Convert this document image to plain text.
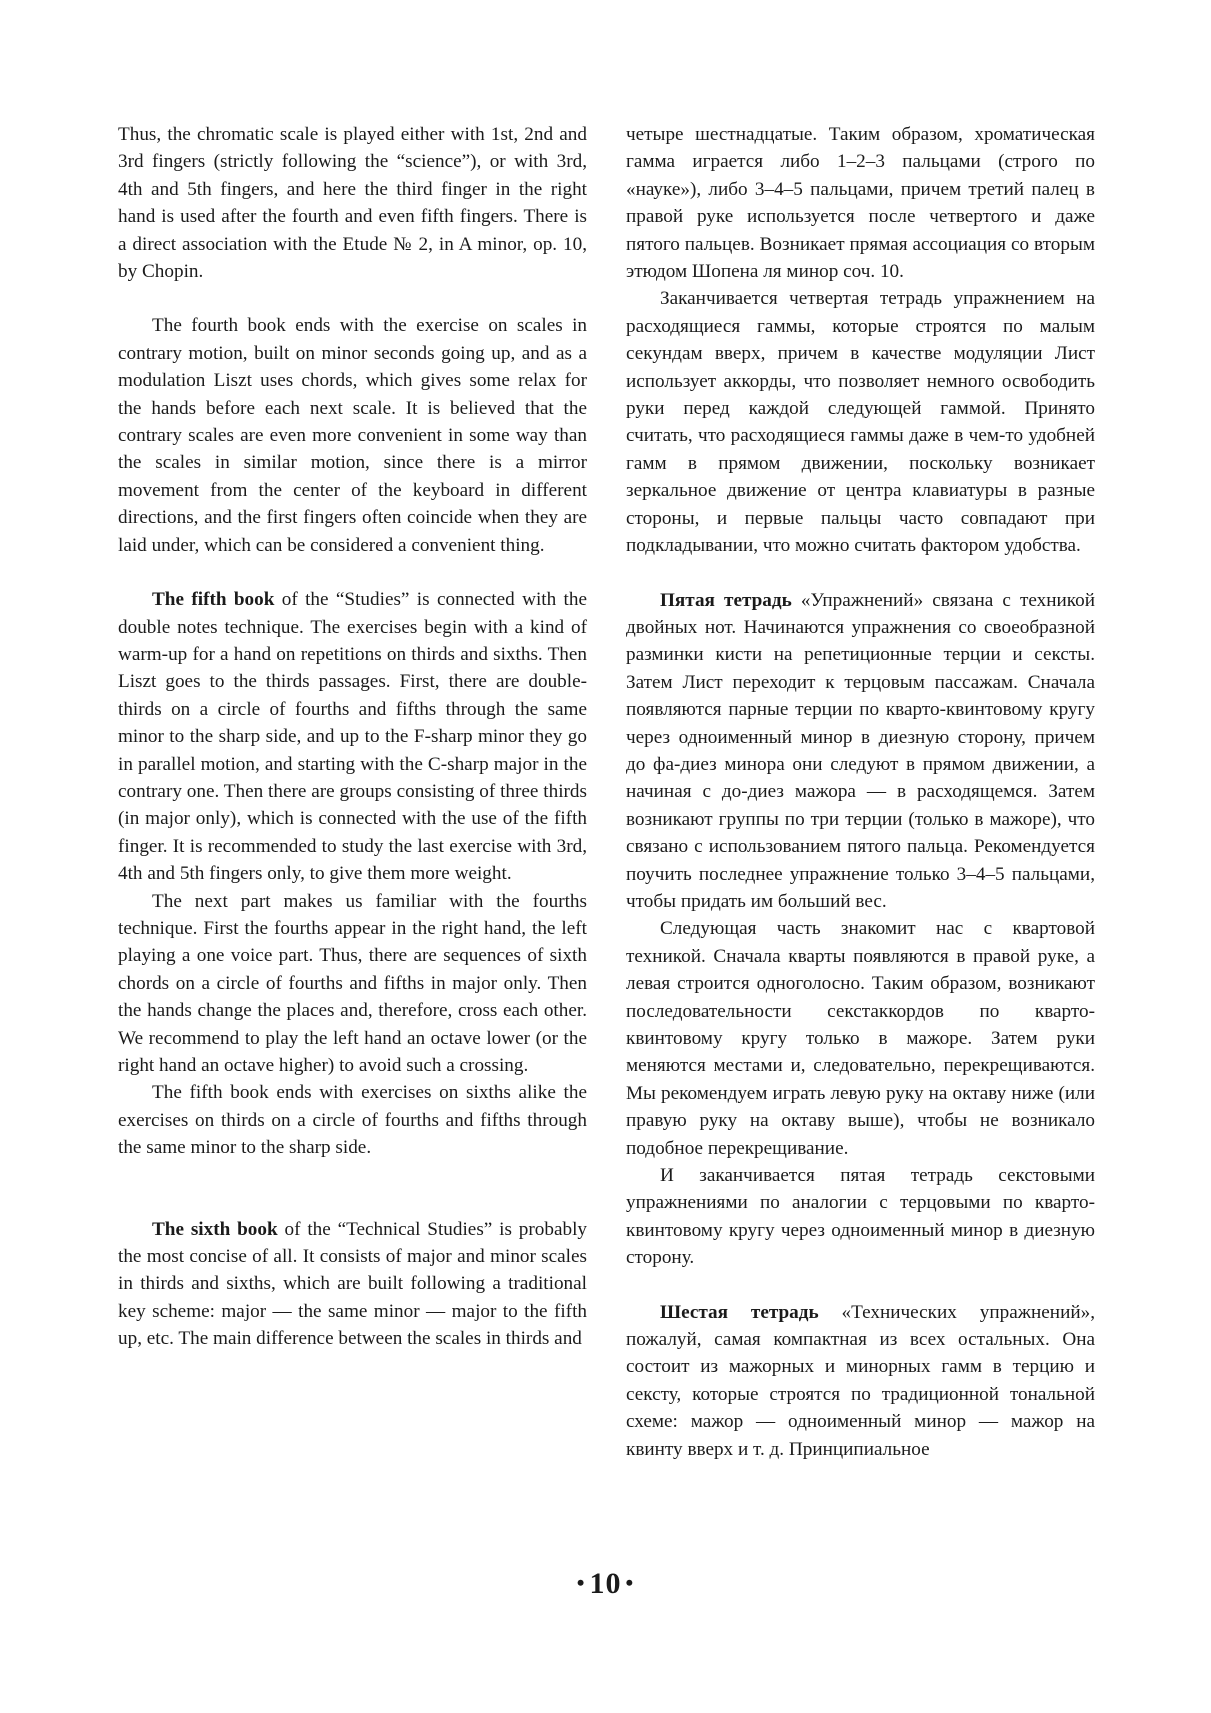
Thus, the chromatic scale is played either with 1st, 2nd and 3rd fingers (strictly following the “science”), or with 3rd, 4th and 5th fingers, and here the third finger in the right hand is used after the fourth and even fifth fingers. There is a direct association with the Etude № 2, in A minor, op. 10, by Chopin.

The fourth book ends with the exercise on scales in contrary motion, built on minor seconds going up, and as a modulation Liszt uses chords, which gives some relax for the hands before each next scale. It is believed that the contrary scales are even more convenient in some way than the scales in similar motion, since there is a mirror movement from the center of the keyboard in different directions, and the first fingers often coincide when they are laid under, which can be considered a convenient thing.

The fifth book of the “Studies” is connected with the double notes technique. The exercises begin with a kind of warm-up for a hand on repetitions on thirds and sixths. Then Liszt goes to the thirds passages. First, there are double-thirds on a circle of fourths and fifths through the same minor to the sharp side, and up to the F-sharp minor they go in parallel motion, and starting with the C-sharp major in the contrary one. Then there are groups consisting of three thirds (in major only), which is connected with the use of the fifth finger. It is recommended to study the last exercise with 3rd, 4th and 5th fingers only, to give them more weight.

The next part makes us familiar with the fourths technique. First the fourths appear in the right hand, the left playing a one voice part. Thus, there are sequences of sixth chords on a circle of fourths and fifths in major only. Then the hands change the places and, therefore, cross each other. We recommend to play the left hand an octave lower (or the right hand an octave higher) to avoid such a crossing.

The fifth book ends with exercises on sixths alike the exercises on thirds on a circle of fourths and fifths through the same minor to the sharp side.

The sixth book of the “Technical Studies” is probably the most concise of all. It consists of major and minor scales in thirds and sixths, which are built following a traditional key scheme: major — the same minor — major to the fifth up, etc. The main difference between the scales in thirds and

четыре шестнадцатые. Таким образом, хроматическая гамма играется либо 1–2–3 пальцами (строго по «науке»), либо 3–4–5 пальцами, причем третий палец в правой руке используется после четвертого и даже пятого пальцев. Возникает прямая ассоциация со вторым этюдом Шопена ля минор соч. 10.

Заканчивается четвертая тетрадь упражнением на расходящиеся гаммы, которые строятся по малым секундам вверх, причем в качестве модуляции Лист использует аккорды, что позволяет немного освободить руки перед каждой следующей гаммой. Принято считать, что расходящиеся гаммы даже в чем-то удобней гамм в прямом движении, поскольку возникает зеркальное движение от центра клавиатуры в разные стороны, и первые пальцы часто совпадают при подкладывании, что можно считать фактором удобства.

Пятая тетрадь «Упражнений» связана с техникой двойных нот. Начинаются упражнения со своеобразной разминки кисти на репетиционные терции и сексты. Затем Лист переходит к терцовым пассажам. Сначала появляются парные терции по кварто-квинтовому кругу через одноименный минор в диезную сторону, причем до фа-диез минора они следуют в прямом движении, а начиная с до-диез мажора — в расходящемся. Затем возникают группы по три терции (только в мажоре), что связано с использованием пятого пальца. Рекомендуется поучить последнее упражнение только 3–4–5 пальцами, чтобы придать им больший вес.

Следующая часть знакомит нас с квартовой техникой. Сначала кварты появляются в правой руке, а левая строится одноголосно. Таким образом, возникают последовательности секстаккордов по кварто-квинтовому кругу только в мажоре. Затем руки меняются местами и, следовательно, перекрещиваются. Мы рекомендуем играть левую руку на октаву ниже (или правую руку на октаву выше), чтобы не возникало подобное перекрещивание.

И заканчивается пятая тетрадь секстовыми упражнениями по аналогии с терцовыми по кварто-квинтовому кругу через одноименный минор в диезную сторону.

Шестая тетрадь «Технических упражнений», пожалуй, самая компактная из всех остальных. Она состоит из мажорных и минорных гамм в терцию и сексту, которые строятся по традиционной тональной схеме: мажор — одноименный минор — мажор на квинту вверх и т. д. Принципиальное

• 10 •
